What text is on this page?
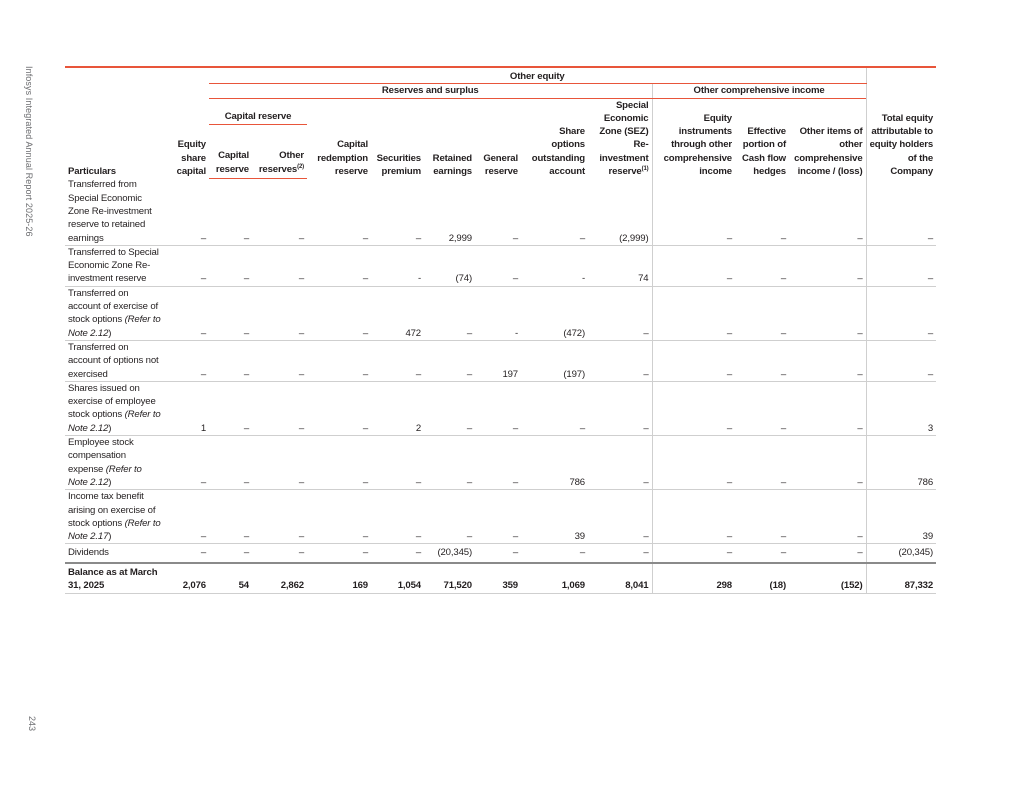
Infosys Integrated Annual Report 2025-26
243
Particulars	Equity share capital	Other equity											Total equity attributable to equity holders of the Company
		Reserves and surplus								Other comprehensive income			
		Capital reserve		Capital redemption reserve	Securities premium	Retained earnings	General reserve	Share options outstanding account	Special Economic Zone (SEZ) Re-investment reserve$^{(1)}$	Equity instruments through other comprehensive income	Effective portion of Cash flow hedges	Other items of other comprehensive income / (loss)	
		Capital reserve	Other reserves$^{(2)}$
Transferred from Special Economic Zone Re-investment reserve to retained earnings	–	–	–	–	–	2,999	–	–	(2,999)	–	–	–	–
Transferred to Special Economic Zone Re-investment reserve	–	–	–	–	-	(74)	–	-	74	–	–	–	–
Transferred on account of exercise of stock options (Refer to Note 2.12)	–	–	–	–	472	–	-	(472)	–	–	–	–	–
Transferred on account of options not exercised	–	–	–	–	–	–	197	(197)	–	–	–	–	–
Shares issued on exercise of employee stock options (Refer to Note 2.12)	1	–	–	–	2	–	–	–	–	–	–	–	3
Employee stock compensation expense (Refer to Note 2.12)	–	–	–	–	–	–	–	786	–	–	–	–	786
Income tax benefit arising on exercise of stock options (Refer to Note 2.17)	–	–	–	–	–	–	–	39	–	–	–	–	39
Dividends	–	–	–	–	–	(20,345)	–	–	–	–	–	–	(20,345)
Balance as at March 31, 2025	2,076	54	2,862	169	1,054	71,520	359	1,069	8,041	298	(18)	(152)	87,332
